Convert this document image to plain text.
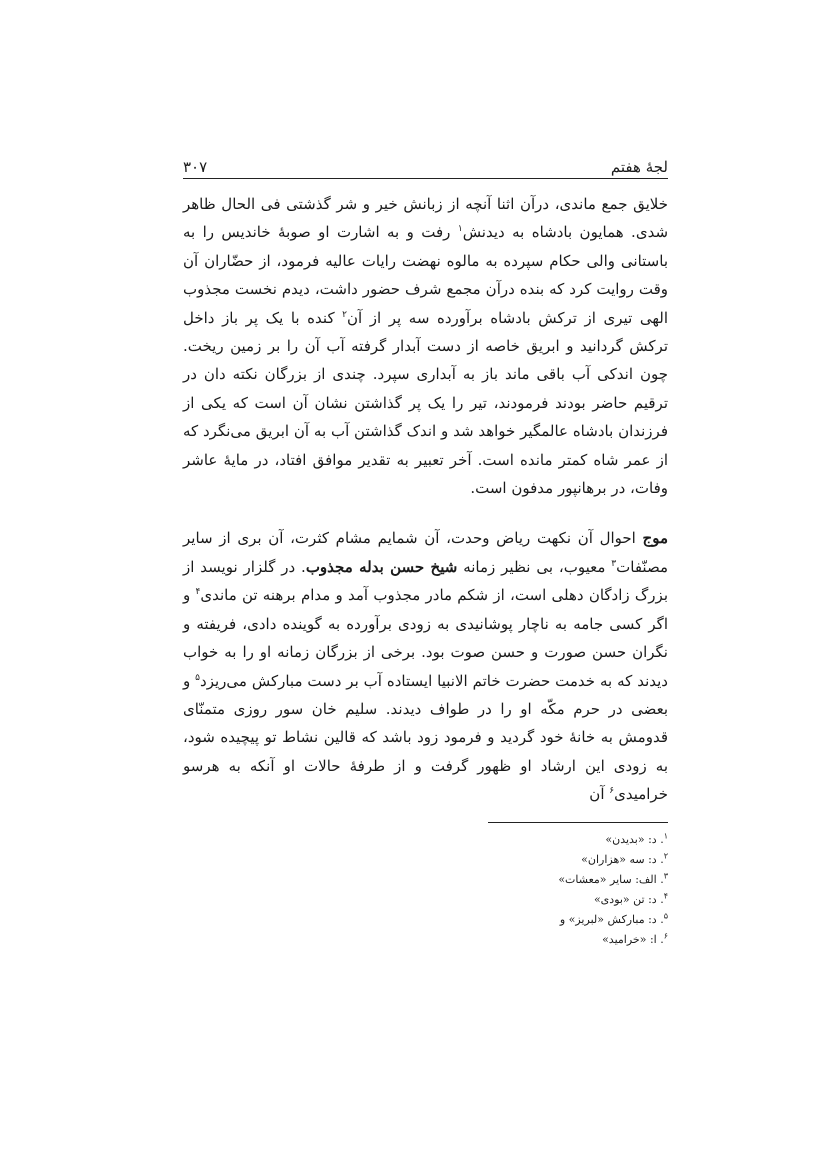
لجهٔ هفتم
۳۰۷

خلایق جمع ماندی، درآن اثنا آنچه از زبانش خیر و شر گذشتی فی الحال ظاهر شدی. همایون بادشاه به دیدنش$^۱$ رفت و به اشارت او صوبهٔ خاندیس را به باستانی والی حکام سپرده به مالوه نهضت رایات عالیه فرمود، از حضّاران آن وقت روایت کرد که بنده درآن مجمع شرف حضور داشت، دیدم نخست مجذوب الهی تیری از ترکش بادشاه برآورده سه پر از آن$^۲$ کنده با یک پر باز داخل ترکش گردانید و ابریق خاصه از دست آبدار گرفته آب آن را بر زمین ریخت. چون اندکی آب باقی ماند باز به آبداری سپرد. چندی از بزرگان نکته دان در ترقیم حاضر بودند فرمودند، تیر را یک پر گذاشتن نشان آن است که یکی از فرزندان بادشاه عالمگیر خواهد شد و اندک گذاشتن آب به آن ابریق می‌نگرد که از عمر شاه کمتر مانده است. آخر تعبیر به تقدیر موافق افتاد، در مایهٔ عاشر وفات، در برهانپور مدفون است.

موج احوال آن نکهت ریاض وحدت، آن شمایم مشام کثرت، آن بری از سایر مصنّفات$^۳$ معیوب، بی نظیر زمانه شیخ حسن بدله مجذوب. در گلزار نویسد از بزرگ زادگان دهلی است، از شکم مادر مجذوب آمد و مدام برهنه تن ماندی$^۴$ و اگر کسی جامه به ناچار پوشانیدی به زودی برآورده به گوینده دادی، فریفته و نگران حسن صورت و حسن صوت بود. برخی از بزرگان زمانه او را به خواب دیدند که به خدمت حضرت خاتم الانبیا ایستاده آب بر دست مبارکش می‌ریزد$^۵$ و بعضی در حرم مکّه او را در طواف دیدند. سلیم خان سور روزی متمنّای قدومش به خانهٔ خود گردید و فرمود زود باشد که قالین نشاط تو پیچیده شود، به زودی این ارشاد او ظهور گرفت و از طرفهٔ حالات او آنکه به هرسو خرامیدی$^۶$ آن

$^۱$. د: «بدیدن»
$^۲$. د: سه «هزاران»
$^۳$. الف: سایر «معشات»
$^۴$. د: تن «بودی»
$^۵$. د: مبارکش «لبریز» و
$^۶$. ا: «خرامید»
